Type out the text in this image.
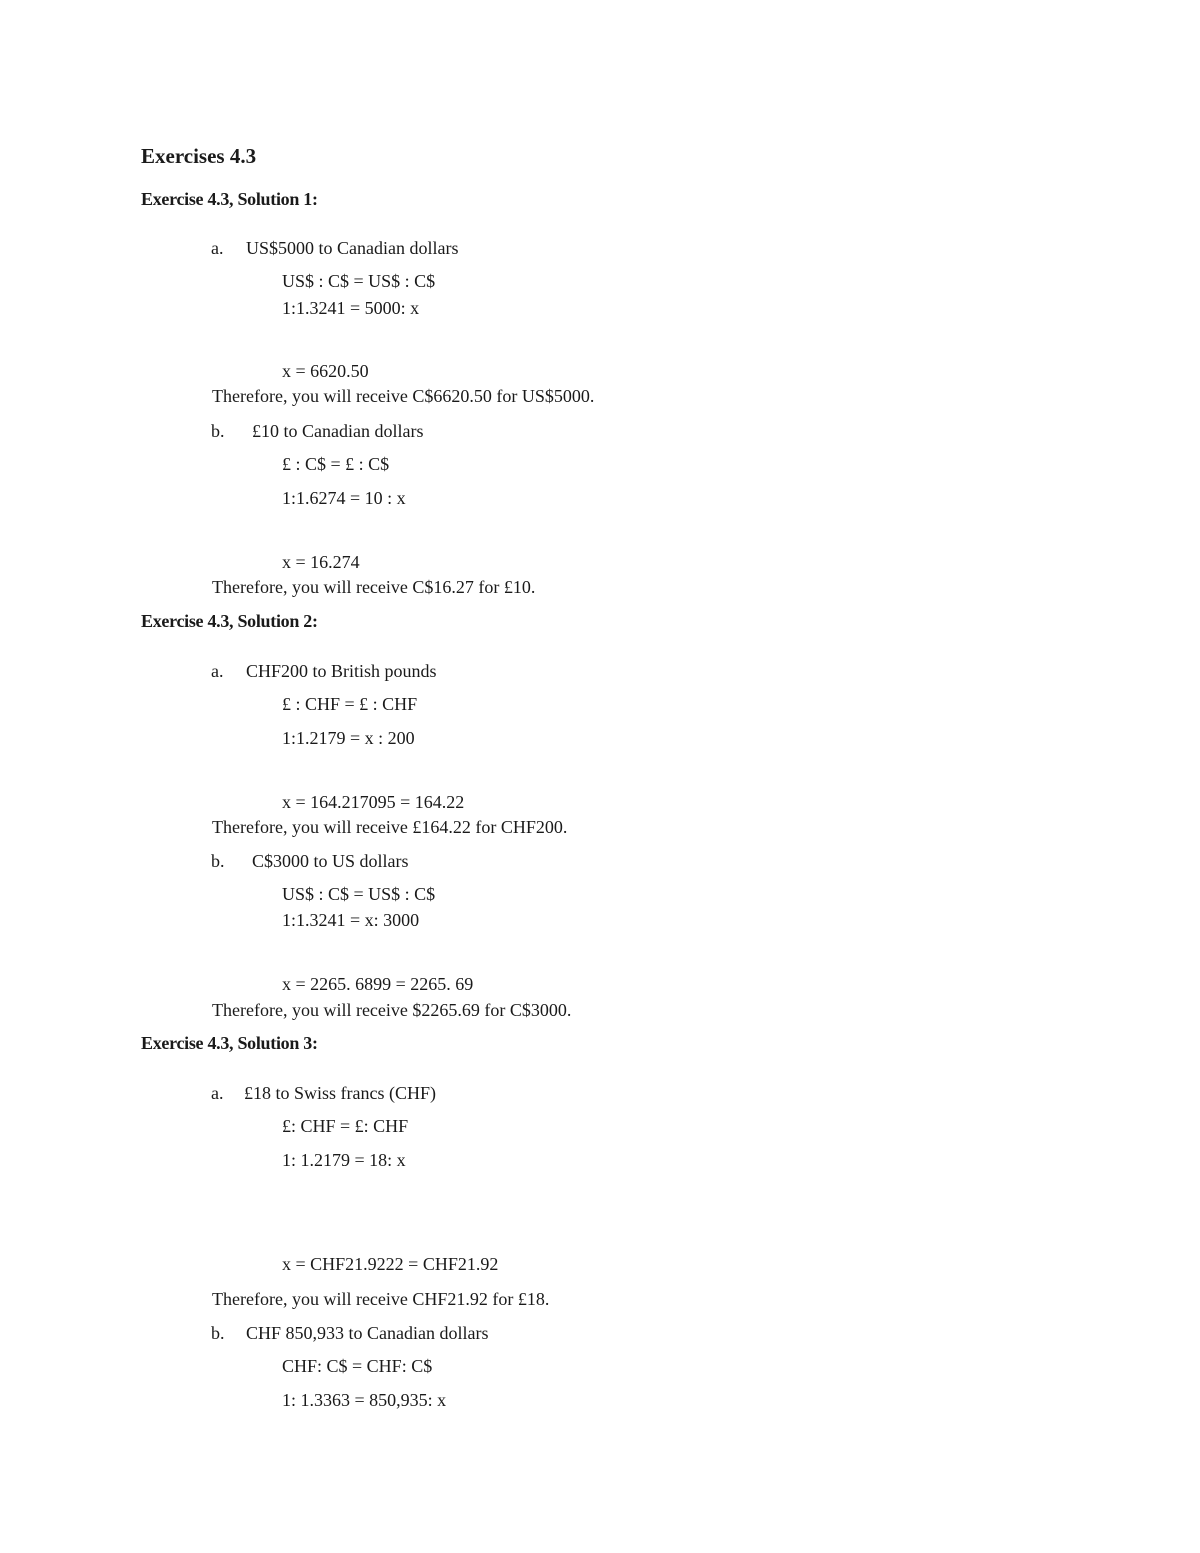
Exercises 4.3
Exercise 4.3, Solution 1:
a. US$5000 to Canadian dollars
US$ : C$ = US$ : C$
1:1.3241 = 5000: x
x = 6620.50
Therefore, you will receive C$6620.50 for US$5000.
b. £10 to Canadian dollars
£ : C$ = £ : C$
1:1.6274 = 10 : x
x = 16.274
Therefore, you will receive C$16.27 for £10.
Exercise 4.3, Solution 2:
a. CHF200 to British pounds
£ : CHF = £ : CHF
1:1.2179 = x : 200
x = 164.217095 = 164.22
Therefore, you will receive £164.22 for CHF200.
b. C$3000 to US dollars
US$ : C$ = US$ : C$
1:1.3241 = x: 3000
x = 2265. 6899 = 2265. 69
Therefore, you will receive $2265.69 for C$3000.
Exercise 4.3, Solution 3:
a. £18 to Swiss francs (CHF)
£: CHF = £: CHF
1: 1.2179 = 18: x
x = CHF21.9222 = CHF21.92
Therefore, you will receive CHF21.92 for £18.
b. CHF 850,933 to Canadian dollars
CHF: C$ = CHF: C$
1: 1.3363 = 850,935: x
